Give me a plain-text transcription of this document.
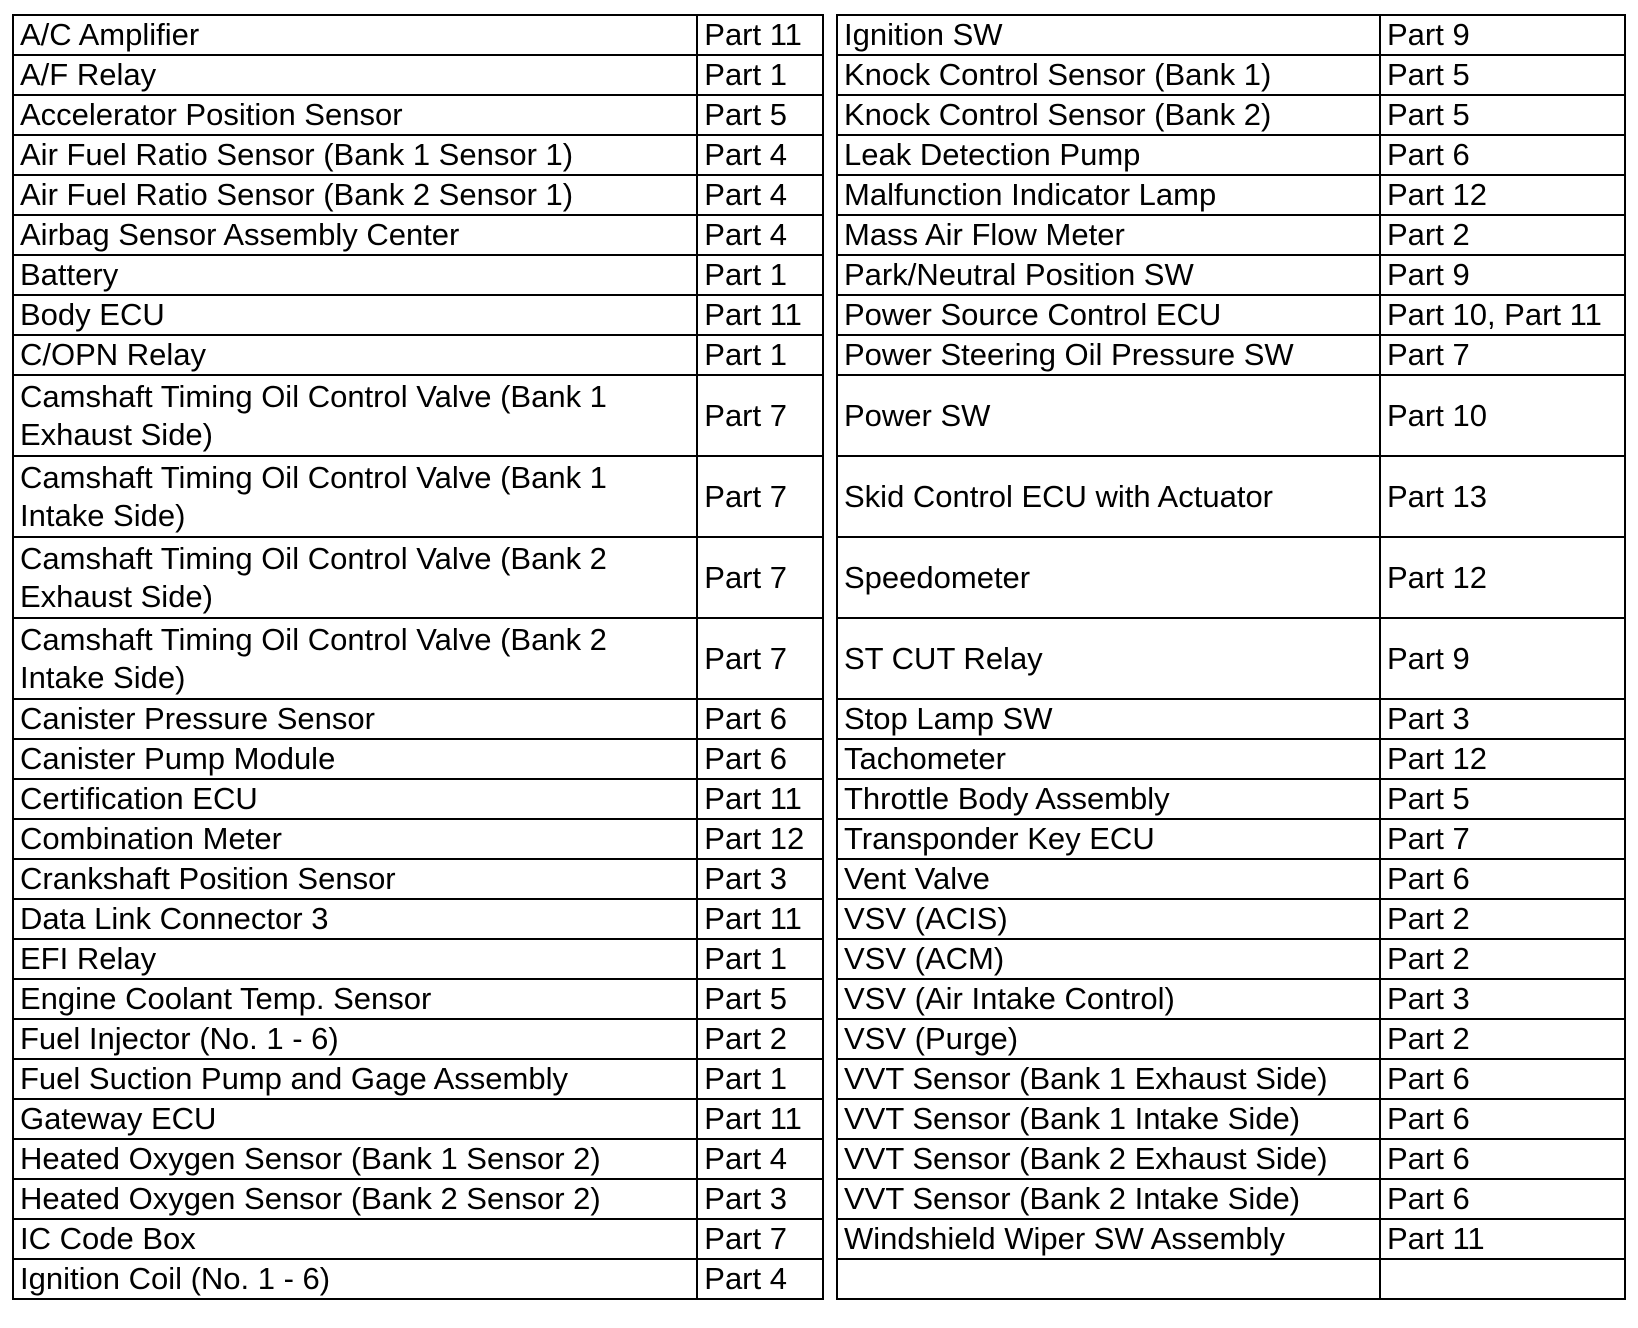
A/C Amplifier	Part 11
A/F Relay	Part 1
Accelerator Position Sensor	Part 5
Air Fuel Ratio Sensor (Bank 1 Sensor 1)	Part 4
Air Fuel Ratio Sensor (Bank 2 Sensor 1)	Part 4
Airbag Sensor Assembly Center	Part 4
Battery	Part 1
Body ECU	Part 11
C/OPN Relay	Part 1
Camshaft Timing Oil Control Valve (Bank 1 Exhaust Side)	Part 7
Camshaft Timing Oil Control Valve (Bank 1 Intake Side)	Part 7
Camshaft Timing Oil Control Valve (Bank 2 Exhaust Side)	Part 7
Camshaft Timing Oil Control Valve (Bank 2 Intake Side)	Part 7
Canister Pressure Sensor	Part 6
Canister Pump Module	Part 6
Certification ECU	Part 11
Combination Meter	Part 12
Crankshaft Position Sensor	Part 3
Data Link Connector 3	Part 11
EFI Relay	Part 1
Engine Coolant Temp. Sensor	Part 5
Fuel Injector (No. 1 - 6)	Part 2
Fuel Suction Pump and Gage Assembly	Part 1
Gateway ECU	Part 11
Heated Oxygen Sensor (Bank 1 Sensor 2)	Part 4
Heated Oxygen Sensor (Bank 2 Sensor 2)	Part 3
IC Code Box	Part 7
Ignition Coil (No. 1 - 6)	Part 4
Ignition SW	Part 9
Knock Control Sensor (Bank 1)	Part 5
Knock Control Sensor (Bank 2)	Part 5
Leak Detection Pump	Part 6
Malfunction Indicator Lamp	Part 12
Mass Air Flow Meter	Part 2
Park/Neutral Position SW	Part 9
Power Source Control ECU	Part 10, Part 11
Power Steering Oil Pressure SW	Part 7
Power SW	Part 10
Skid Control ECU with Actuator	Part 13
Speedometer	Part 12
ST CUT Relay	Part 9
Stop Lamp SW	Part 3
Tachometer	Part 12
Throttle Body Assembly	Part 5
Transponder Key ECU	Part 7
Vent Valve	Part 6
VSV (ACIS)	Part 2
VSV (ACM)	Part 2
VSV (Air Intake Control)	Part 3
VSV (Purge)	Part 2
VVT Sensor (Bank 1 Exhaust Side)	Part 6
VVT Sensor (Bank 1 Intake Side)	Part 6
VVT Sensor (Bank 2 Exhaust Side)	Part 6
VVT Sensor (Bank 2 Intake Side)	Part 6
Windshield Wiper SW Assembly	Part 11
